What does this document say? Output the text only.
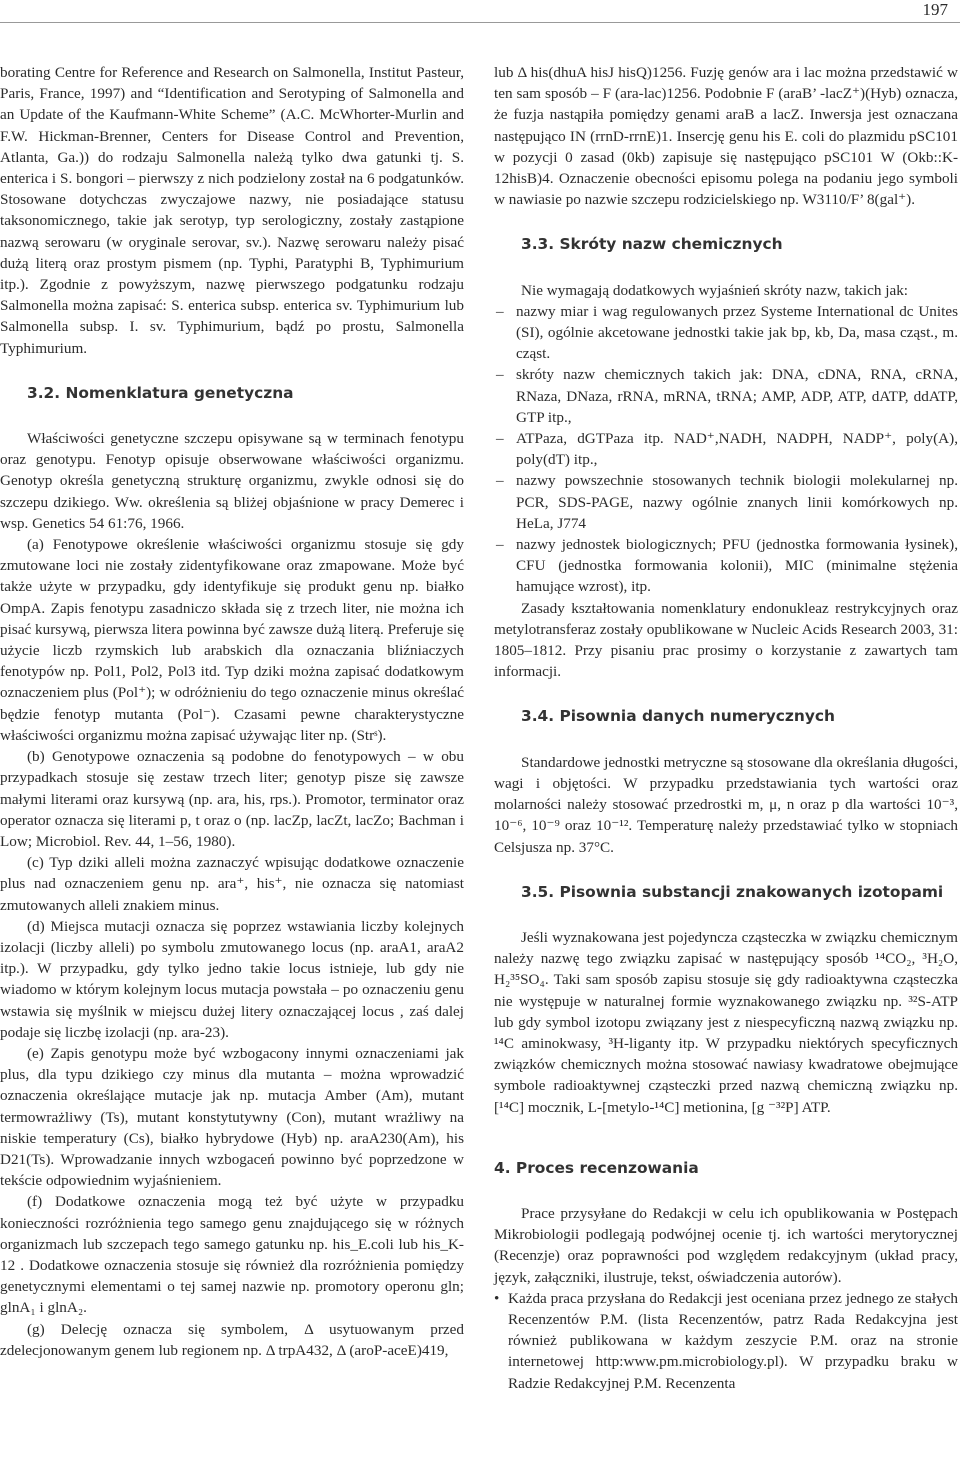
197

borating Centre for Reference and Research on Salmonella, Institut Pasteur, Paris, France, 1997) and “Identification and Serotyping of Salmonella and an Update of the Kaufmann-White Scheme” (A.C. McWhorter-Murlin and F.W. Hickman-Brenner, Centers for Disease Control and Prevention, Atlanta, Ga.)) do rodzaju Salmonella należą tylko dwa gatunki tj. S. enterica i S. bongori – pierwszy z nich podzielony został na 6 podgatunków. Stosowane dotychczas zwyczajowe nazwy, nie posiadające statusu taksonomicznego, takie jak serotyp, typ serologiczny, zostały zastąpione nazwą serowaru (w oryginale serovar, sv.). Nazwę serowaru należy pisać dużą literą oraz prostym pismem (np. Typhi, Paratyphi B, Typhimurium itp.). Zgodnie z powyższym, nazwę pierwszego podgatunku rodzaju Salmonella można zapisać: S. enterica subsp. enterica sv. Typhimurium lub Salmonella subsp. I. sv. Typhimurium, bądź po prostu, Salmonella Typhimurium.

3.2. Nomenklatura genetyczna

Właściwości genetyczne szczepu opisywane są w terminach fenotypu oraz genotypu. Fenotyp opisuje obserwowane właściwości organizmu. Genotyp określa genetyczną strukturę organizmu, zwykle odnosi się do szczepu dzikiego. Ww. określenia są bliżej objaśnione w pracy Demerec i wsp. Genetics 54 61:76, 1966.

(a) Fenotypowe określenie właściwości organizmu stosuje się gdy zmutowane loci nie zostały zidentyfikowane oraz zmapowane. Może być także użyte w przypadku, gdy identyfikuje się produkt genu np. białko OmpA. Zapis fenotypu zasadniczo składa się z trzech liter, nie można ich pisać kursywą, pierwsza litera powinna być zawsze dużą literą. Preferuje się użycie liczb rzymskich lub arabskich dla oznaczania bliźniaczych fenotypów np. Pol1, Pol2, Pol3 itd. Typ dziki można zapisać dodatkowym oznaczeniem plus (Pol⁺); w odróżnieniu do tego oznaczenie minus określać będzie fenotyp mutanta (Pol⁻). Czasami pewne charakterystyczne właściwości organizmu można zapisać używając liter np. (Strˢ).

(b) Genotypowe oznaczenia są podobne do fenotypowych – w obu przypadkach stosuje się zestaw trzech liter; genotyp pisze się zawsze małymi literami oraz kursywą (np. ara, his, rps.). Promotor, terminator oraz operator oznacza się literami p, t oraz o (np. lacZp, lacZt, lacZo; Bachman i Low; Microbiol. Rev. 44, 1–56, 1980).

(c) Typ dziki alleli można zaznaczyć wpisując dodatkowe oznaczenie plus nad oznaczeniem genu np. ara⁺, his⁺, nie oznacza się natomiast zmutowanych alleli znakiem minus.

(d) Miejsca mutacji oznacza się poprzez wstawiania liczby kolejnych izolacji (liczby alleli) po symbolu zmutowanego locus (np. araA1, araA2 itp.). W przypadku, gdy tylko jedno takie locus istnieje, lub gdy nie wiadomo w którym kolejnym locus mutacja powstała – po oznaczeniu genu wstawia się myślnik w miejscu dużej litery oznaczającej locus , zaś dalej podaje się liczbę izolacji (np. ara-23).

(e) Zapis genotypu może być wzbogacony innymi oznaczeniami jak plus, dla typu dzikiego czy minus dla mutanta – można wprowadzić oznaczenia określające mutacje jak np. mutacja Amber (Am), mutant termowrażliwy (Ts), mutant konstytutywny (Con), mutant wrażliwy na niskie temperatury (Cs), białko hybrydowe (Hyb) np. araA230(Am), his D21(Ts). Wprowadzanie innych wzbogaceń powinno być poprzedzone w tekście odpowiednim wyjaśnieniem.

(f) Dodatkowe oznaczenia mogą też być użyte w przypadku konieczności rozróżnienia tego samego genu znajdującego się w różnych organizmach lub szczepach tego samego gatunku np. his_E.coli lub his_K-12 . Dodatkowe oznaczenia stosuje się również dla rozróżnienia pomiędzy genetycznymi elementami o tej samej nazwie np. promotory operonu gln; glnA₁ i glnA₂.

(g) Delecję oznacza się symbolem, Δ usytuowanym przed zdelecjonowanym genem lub regionem np. Δ trpA432, Δ (aroP-aceE)419,

lub Δ his(dhuA hisJ hisQ)1256. Fuzję genów ara i lac można przedstawić w ten sam sposób – F (ara-lac)1256. Podobnie F (araB’ -lacZ⁺)(Hyb) oznacza, że fuzja nastąpiła pomiędzy genami araB a lacZ. Inwersja jest oznaczana następująco IN (rrnD-rrnE)1. Insercję genu his E. coli do plazmidu pSC101 w pozycji 0 zasad (0kb) zapisuje się następująco pSC101 W (Okb::K-12hisB)4. Oznaczenie obecności episomu polega na podaniu jego symboli w nawiasie po nazwie szczepu rodzicielskiego np. W3110/F’ 8(gal⁺).

3.3. Skróty nazw chemicznych

Nie wymagają dodatkowych wyjaśnień skróty nazw, takich jak:

– nazwy miar i wag regulowanych przez Systeme International dc Unites (SI), ogólnie akcetowane jednostki takie jak bp, kb, Da, masa cząst., m. cząst.
– skróty nazw chemicznych takich jak: DNA, cDNA, RNA, cRNA, RNaza, DNaza, rRNA, mRNA, tRNA; AMP, ADP, ATP, dATP, ddATP, GTP itp.,
– ATPaza, dGTPaza itp. NAD⁺,NADH, NADPH, NADP⁺, poly(A), poly(dT) itp.,
– nazwy powszechnie stosowanych technik biologii molekularnej np. PCR, SDS-PAGE, nazwy ogólnie znanych linii komórkowych np. HeLa, J774
– nazwy jednostek biologicznych; PFU (jednostka formowania łysinek), CFU (jednostka formowania kolonii), MIC (minimalne stężenia hamujące wzrost), itp.

Zasady kształtowania nomenklatury endonukleaz restrykcyjnych oraz metylotransferaz zostały opublikowane w Nucleic Acids Research 2003, 31: 1805–1812. Przy pisaniu prac prosimy o korzystanie z zawartych tam informacji.

3.4. Pisownia danych numerycznych

Standardowe jednostki metryczne są stosowane dla określania długości, wagi i objętości. W przypadku przedstawiania tych wartości oraz molarności należy stosować przedrostki m, μ, n oraz p dla wartości 10⁻³, 10⁻⁶, 10⁻⁹ oraz 10⁻¹². Temperaturę należy przedstawiać tylko w stopniach Celsjusza np. 37°C.

3.5. Pisownia substancji znakowanych izotopami

Jeśli wyznakowana jest pojedyncza cząsteczka w związku chemicznym należy nazwę tego związku zapisać w następujący sposób ¹⁴CO₂, ³H₂O, H₂³⁵SO₄. Taki sam sposób zapisu stosuje się gdy radioaktywna cząsteczka nie występuje w naturalnej formie wyznakowanego związku np. ³²S-ATP lub gdy symbol izotopu związany jest z niespecyficzną nazwą związku np. ¹⁴C aminokwasy, ³H-liganty itp. W przypadku niektórych specyficznych związków chemicznych można stosować nawiasy kwadratowe obejmujące symbole radioaktywnej cząsteczki przed nazwą chemiczną związku np. [¹⁴C] mocznik, L-[metylo-¹⁴C] metionina, [g ⁻³²P] ATP.

4. Proces recenzowania

Prace przysyłane do Redakcji w celu ich opublikowania w Postępach Mikrobiologii podlegają podwójnej ocenie tj. ich wartości merytorycznej (Recenzje) oraz poprawności pod względem redakcyjnym (układ pracy, język, załączniki, ilustruje, tekst, oświadczenia autorów).

• Każda praca przysłana do Redakcji jest oceniana przez jednego ze stałych Recenzentów P.M. (lista Recenzentów, patrz Rada Redakcyjna jest również publikowana w każdym zeszycie P.M. oraz na stronie internetowej http:www.pm.microbiology.pl). W przypadku braku w Radzie Redakcyjnej P.M. Recenzenta
